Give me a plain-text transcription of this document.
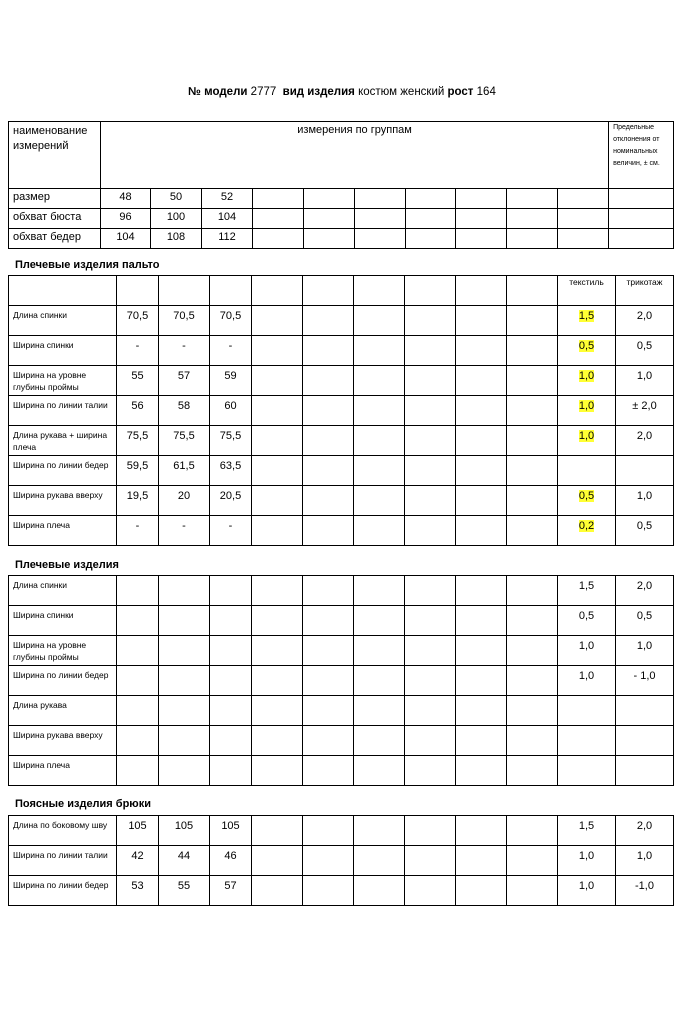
№ модели 2777 вид изделия костюм женский рост 164
наименование измерений	измерения по группам										Предельные отклонения от номинальных величин, ± см.
размер	48	50	52								
обхват бюста	96	100	104								
обхват бедер	104	108	112								
Плечевые изделия пальто
										текстиль	трикотаж
Длина спинки	70,5	70,5	70,5							1,5	2,0
Ширина спинки	-	-	-							0,5	0,5
Ширина на уровне глубины проймы	55	57	59							1,0	1,0
Ширина по линии талии	56	58	60							1,0	± 2,0
Длина рукава + ширина плеча	75,5	75,5	75,5							1,0	2,0
Ширина по линии бедер	59,5	61,5	63,5								
Ширина рукава вверху	19,5	20	20,5							0,5	1,0
Ширина плеча	-	-	-							0,2	0,5
Плечевые изделия
Длина спинки										1,5	2,0
Ширина спинки										0,5	0,5
Ширина на уровне глубины проймы										1,0	1,0
Ширина по линии бедер										1,0	- 1,0
Длина рукава											
Ширина рукава вверху											
Ширина плеча											
Поясные изделия брюки
Длина по боковому шву	105	105	105							1,5	2,0
Ширина по линии талии	42	44	46							1,0	1,0
Ширина по линии бедер	53	55	57							1,0	-1,0
